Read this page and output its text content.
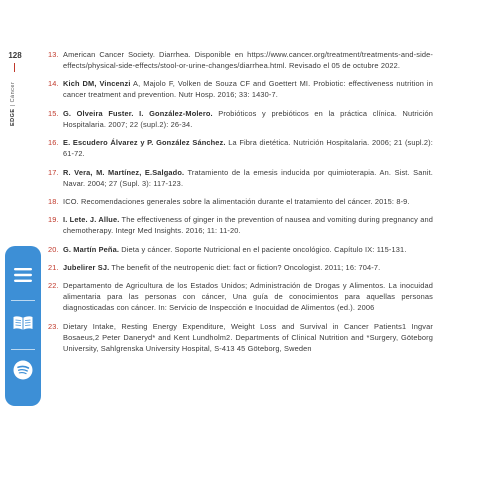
128
EDGE | Cáncer
13. American Cancer Society. Diarrhea. Disponible en https://www.cancer.org/treatment/treatments-and-side-effects/physical-side-effects/stool-or-urine-changes/diarrhea.html. Revisado el 05 de octubre 2022.
14. Kich DM, Vincenzi A, Majolo F, Volken de Souza CF and Goettert MI. Probiotic: effectiveness nutrition in cancer treatment and prevention. Nutr Hosp. 2016; 33: 1430-7.
15. G. Olveira Fuster. I. González-Molero. Probióticos y prebióticos en la práctica clínica. Nutrición Hospitalaria. 2007; 22 (supl.2): 26-34.
16. E. Escudero Álvarez y P. González Sánchez. La Fibra dietética. Nutrición Hospitalaria. 2006; 21 (supl.2): 61-72.
17. R. Vera, M. Martínez, E.Salgado. Tratamiento de la emesis inducida por quimioterapia. An. Sist. Sanit. Navar. 2004; 27 (Supl. 3): 117-123.
18. ICO. Recomendaciones generales sobre la alimentación durante el tratamiento del cáncer. 2015: 8-9.
19. I. Lete. J. Allue. The effectiveness of ginger in the prevention of nausea and vomiting during pregnancy and chemotherapy. Integr Med Insights. 2016; 11: 11-20.
20. G. Martín Peña. Dieta y cáncer. Soporte Nutricional en el paciente oncológico. Capítulo IX: 115-131.
21. Jubelirer SJ. The benefit of the neutropenic diet: fact or fiction? Oncologist. 2011; 16: 704-7.
22. Departamento de Agricultura de los Estados Unidos; Administración de Drogas y Alimentos. La inocuidad alimentaria para las personas con cáncer, Una guía de conocimientos para aquellas personas diagnosticadas con cáncer. In: Servicio de Inspección e Inocuidad de Alimentos (ed.). 2006
23. Dietary Intake, Resting Energy Expenditure, Weight Loss and Survival in Cancer Patients1 Ingvar Bosaeus,2 Peter Daneryd* and Kent Lundholm2. Departments of Clinical Nutrition and *Surgery, Göteborg University, Sahlgrenska University Hospital, S-413 45 Göteborg, Sweden
